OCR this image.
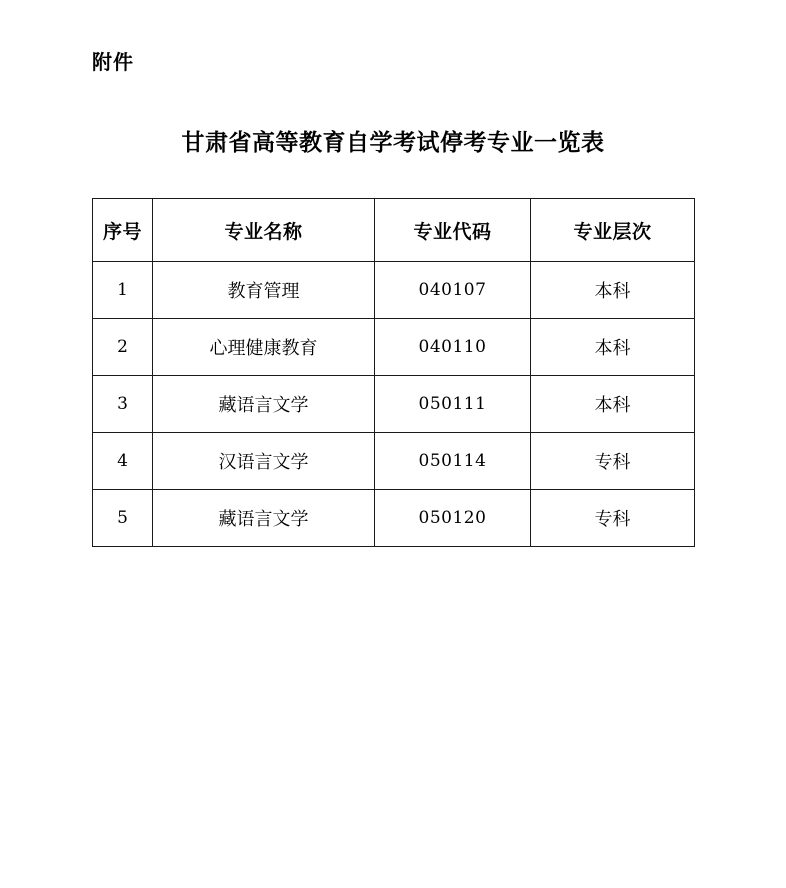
附件
甘肃省高等教育自学考试停考专业一览表
序号	专业名称	专业代码	专业层次
1	教育管理	040107	本科
2	心理健康教育	040110	本科
3	藏语言文学	050111	本科
4	汉语言文学	050114	专科
5	藏语言文学	050120	专科
